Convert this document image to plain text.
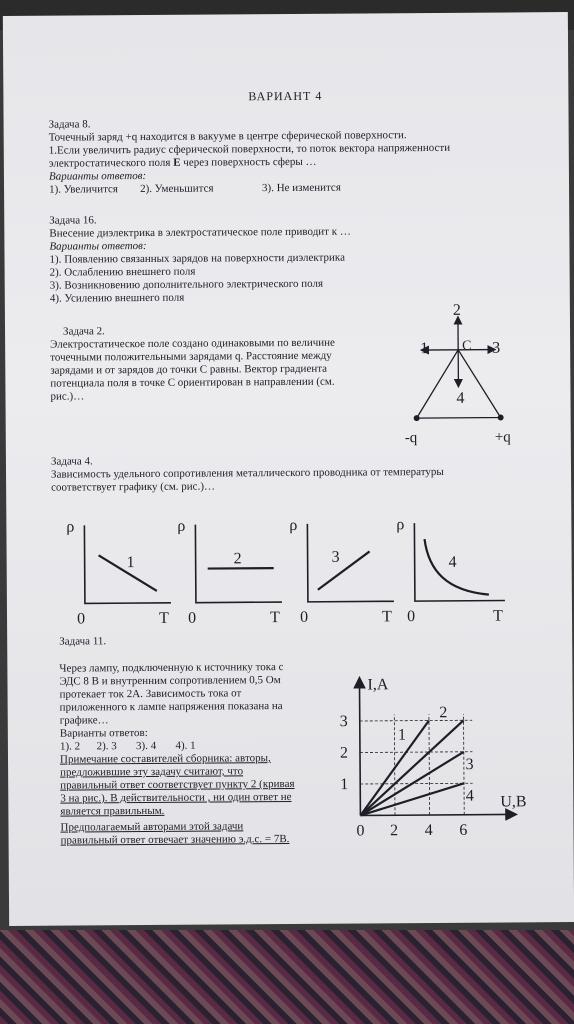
ВАРИАНТ 4
Задача 8.
Точечный заряд +q находится в вакууме в центре сферической поверхности.
1.Если увеличить радиус сферической поверхности, то поток вектора напряженности
электростатического поля E через поверхность сферы …
Варианты ответов:
1). Увеличится 2). Уменьшится	3). Не изменится
Задача 16.
Внесение диэлектрика в электростатическое поле приводит к …
Варианты ответов:
1). Появлению связанных зарядов на поверхности диэлектрика
2). Ослаблению внешнего поля
3). Возникновению дополнительного электрического поля
4). Усилению внешнего поля
Задача 2.
Электростатическое поле создано одинаковыми по величине
точечными положительными зарядами q. Расстояние между
зарядами и от зарядов до точки С равны. Вектор градиента
потенциала поля в точке С ориентирован в направлении (см.
рис.)…
2
1	3
C
4
-q	+q
Задача 4.
Зависимость удельного сопротивления металлического проводника от температуры
соответствует графику (см. рис.)…
ρ
T
0
1
ρ
T
0
2
ρ
T
0
3
ρ
T
0
4
Задача 11.
Через лампу, подключенную к источнику тока с
ЭДС 8 В и внутренним сопротивлением 0,5 Ом
протекает ток 2А. Зависимость тока от
приложенного к лампе напряжения показана на
графике…
Варианты ответов:
1). 2      2). 3       3). 4       4). 1
Примечание составителей сборника: авторы,
предложившие эту задачу считают, что
правильный ответ соответствует пункту 2 (кривая
3 на рис.). В действительности , ни один ответ не
является правильным.
Предполагаемый авторами этой задачи
правильный ответ отвечает значению э.д.с. = 7В.
1
2
3
4
2 4 6
1
2
3
I,A
U,B
0
